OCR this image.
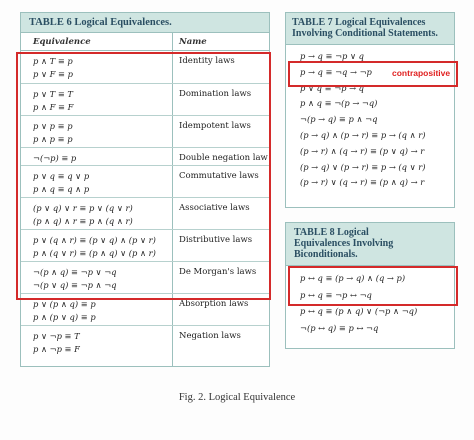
TABLE 6 Logical Equivalences.
Equivalence	Name
p ∧ T ≡ p
p ∨ F ≡ p
Identity laws
p ∨ T ≡ T
p ∧ F ≡ F
Domination laws
p ∨ p ≡ p
p ∧ p ≡ p
Idempotent laws
¬(¬p) ≡ p	Double negation law
p ∨ q ≡ q ∨ p
p ∧ q ≡ q ∧ p
Commutative laws
(p ∨ q) ∨ r ≡ p ∨ (q ∨ r)
(p ∧ q) ∧ r ≡ p ∧ (q ∧ r)
Associative laws
p ∨ (q ∧ r) ≡ (p ∨ q) ∧ (p ∨ r)
p ∧ (q ∨ r) ≡ (p ∧ q) ∨ (p ∧ r)
Distributive laws
¬(p ∧ q) ≡ ¬p ∨ ¬q
¬(p ∨ q) ≡ ¬p ∧ ¬q
De Morgan's laws
p ∨ (p ∧ q) ≡ p
p ∧ (p ∨ q) ≡ p
Absorption laws
p ∨ ¬p ≡ T
p ∧ ¬p ≡ F
Negation laws
TABLE 7 Logical Equivalences
Involving Conditional Statements.
p → q ≡ ¬p ∨ q
p → q ≡ ¬q → ¬p
p ∨ q ≡ ¬p → q
p ∧ q ≡ ¬(p → ¬q)
¬(p → q) ≡ p ∧ ¬q
(p → q) ∧ (p → r) ≡ p → (q ∧ r)
(p → r) ∧ (q → r) ≡ (p ∨ q) → r
(p → q) ∨ (p → r) ≡ p → (q ∨ r)
(p → r) ∨ (q → r) ≡ (p ∧ q) → r
TABLE 8 Logical
Equivalences Involving
Biconditionals.
p ↔ q ≡ (p → q) ∧ (q → p)
p ↔ q ≡ ¬p ↔ ¬q
p ↔ q ≡ (p ∧ q) ∨ (¬p ∧ ¬q)
¬(p ↔ q) ≡ p ↔ ¬q
contrapositive
Fig. 2. Logical Equivalence
